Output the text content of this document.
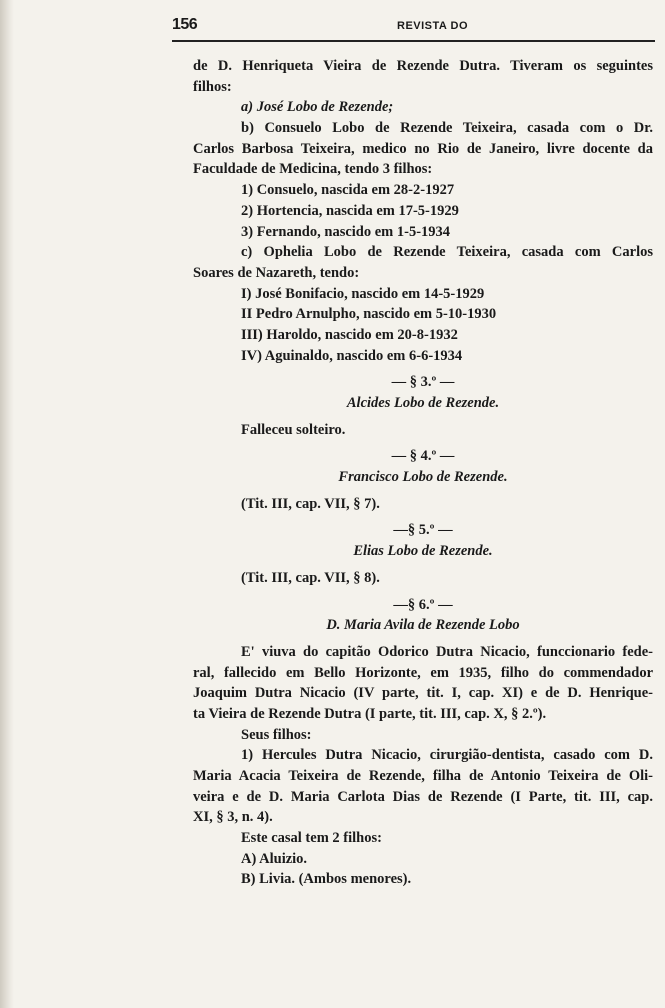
156	REVISTA DO
de D. Henriqueta Vieira de Rezende Dutra. Tiveram os seguintes
filhos:
a) José Lobo de Rezende;
b) Consuelo Lobo de Rezende Teixeira, casada com o Dr.
Carlos Barbosa Teixeira, medico no Rio de Janeiro, livre docente da
Faculdade de Medicina, tendo 3 filhos:
1) Consuelo, nascida em 28-2-1927
2) Hortencia, nascida em 17-5-1929
3) Fernando, nascido em 1-5-1934
c) Ophelia Lobo de Rezende Teixeira, casada com Carlos
Soares de Nazareth, tendo:
I) José Bonifacio, nascido em 14-5-1929
II Pedro Arnulpho, nascido em 5-10-1930
III) Haroldo, nascido em 20-8-1932
IV) Aguinaldo, nascido em 6-6-1934
— § 3.º —
Alcides Lobo de Rezende.
Falleceu solteiro.
— § 4.º —
Francisco Lobo de Rezende.
(Tit. III, cap. VII, § 7).
—§ 5.º —
Elias Lobo de Rezende.
(Tit. III, cap. VII, § 8).
—§ 6.º —
D. Maria Avila de Rezende Lobo
E' viuva do capitão Odorico Dutra Nicacio, funccionario fede-
ral, fallecido em Bello Horizonte, em 1935, filho do commendador
Joaquim Dutra Nicacio (IV parte, tit. I, cap. XI) e de D. Henrique-
ta Vieira de Rezende Dutra (I parte, tit. III, cap. X, § 2.º).
Seus filhos:
1) Hercules Dutra Nicacio, cirurgião-dentista, casado com D.
Maria Acacia Teixeira de Rezende, filha de Antonio Teixeira de Oli-
veira e de D. Maria Carlota Dias de Rezende (I Parte, tit. III, cap.
XI, § 3, n. 4).
Este casal tem 2 filhos:
A) Aluizio.
B) Livia. (Ambos menores).
